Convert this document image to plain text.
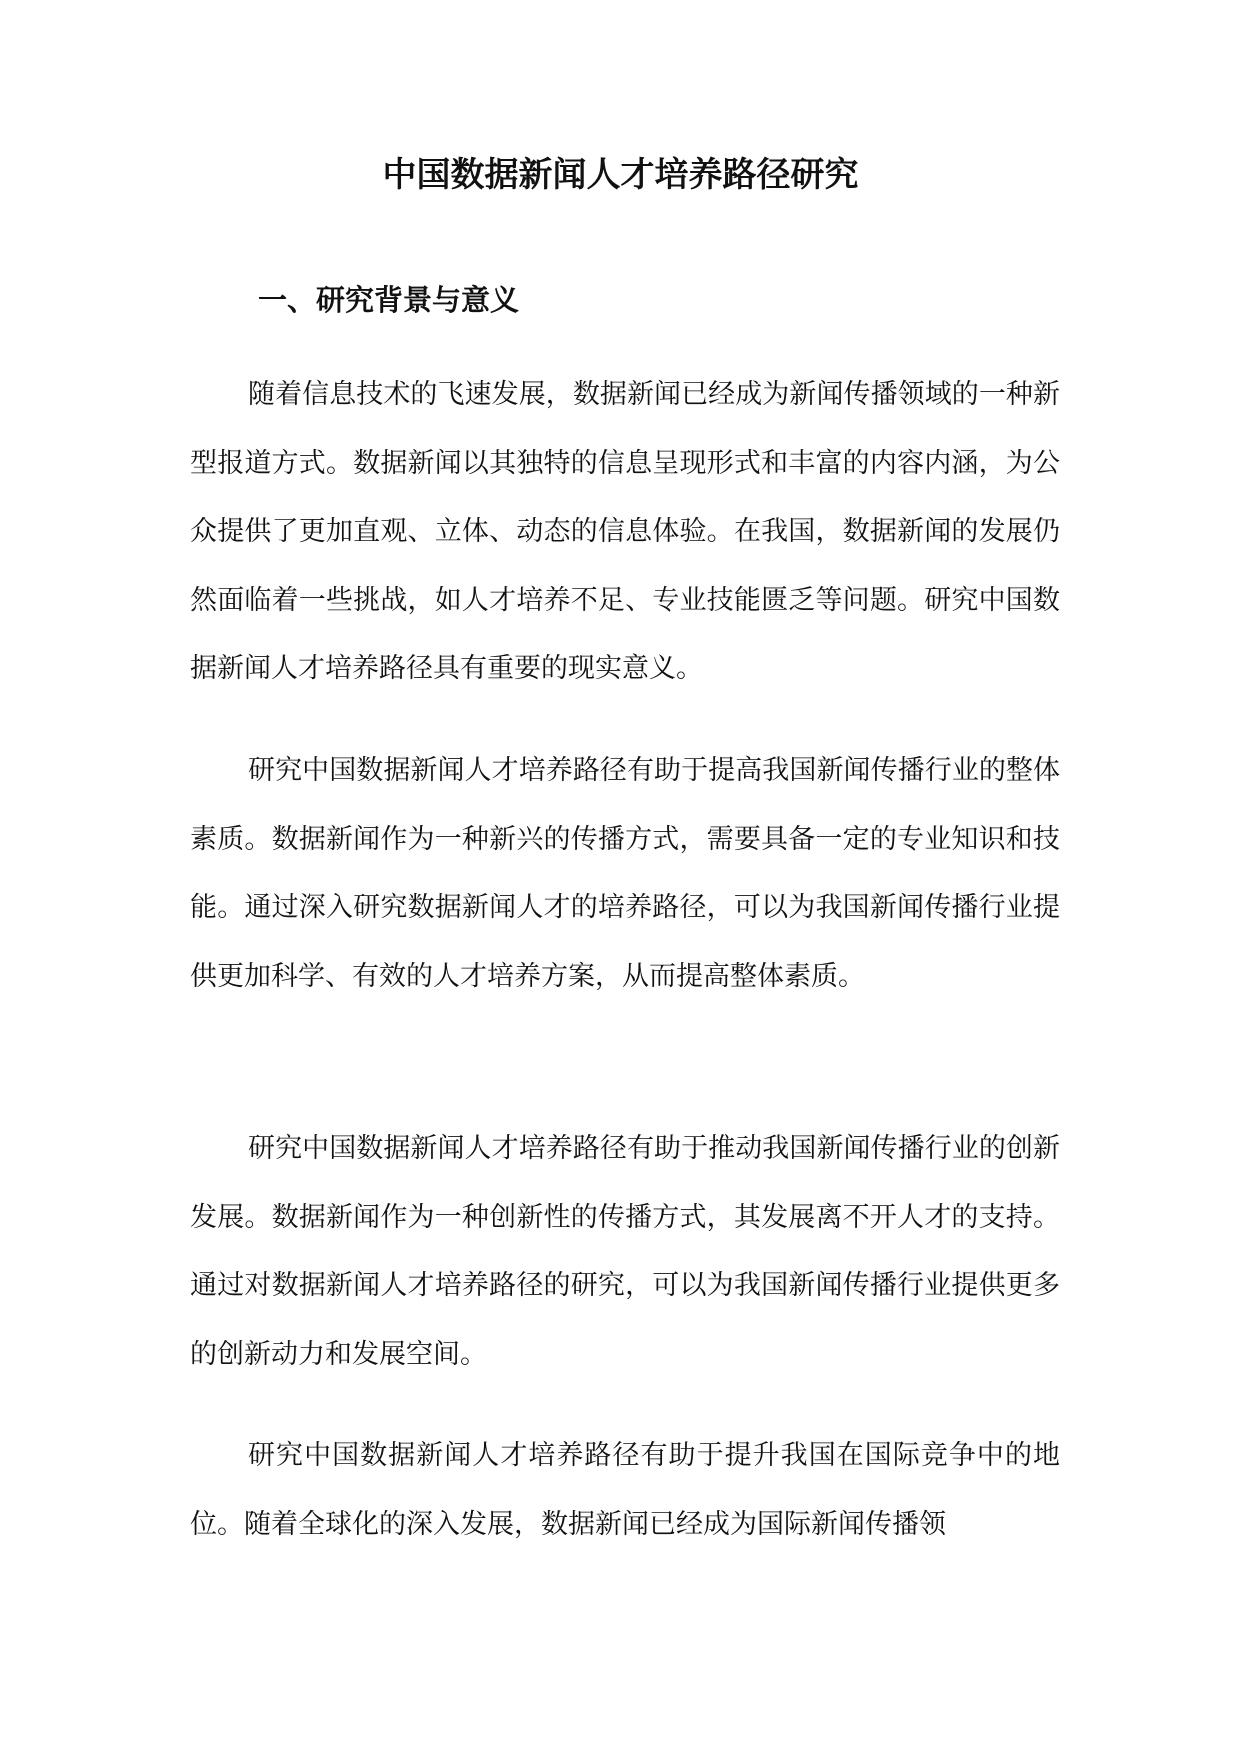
中国数据新闻人才培养路径研究
一、研究背景与意义

随着信息技术的飞速发展，数据新闻已经成为新闻传播领域的一种新型报道方式。数据新闻以其独特的信息呈现形式和丰富的内容内涵，为公众提供了更加直观、立体、动态的信息体验。在我国，数据新闻的发展仍然面临着一些挑战，如人才培养不足、专业技能匮乏等问题。研究中国数据新闻人才培养路径具有重要的现实意义。

研究中国数据新闻人才培养路径有助于提高我国新闻传播行业的整体素质。数据新闻作为一种新兴的传播方式，需要具备一定的专业知识和技能。通过深入研究数据新闻人才的培养路径，可以为我国新闻传播行业提供更加科学、有效的人才培养方案，从而提高整体素质。

研究中国数据新闻人才培养路径有助于推动我国新闻传播行业的创新发展。数据新闻作为一种创新性的传播方式，其发展离不开人才的支持。通过对数据新闻人才培养路径的研究，可以为我国新闻传播行业提供更多的创新动力和发展空间。

研究中国数据新闻人才培养路径有助于提升我国在国际竞争中的地位。随着全球化的深入发展，数据新闻已经成为国际新闻传播领
